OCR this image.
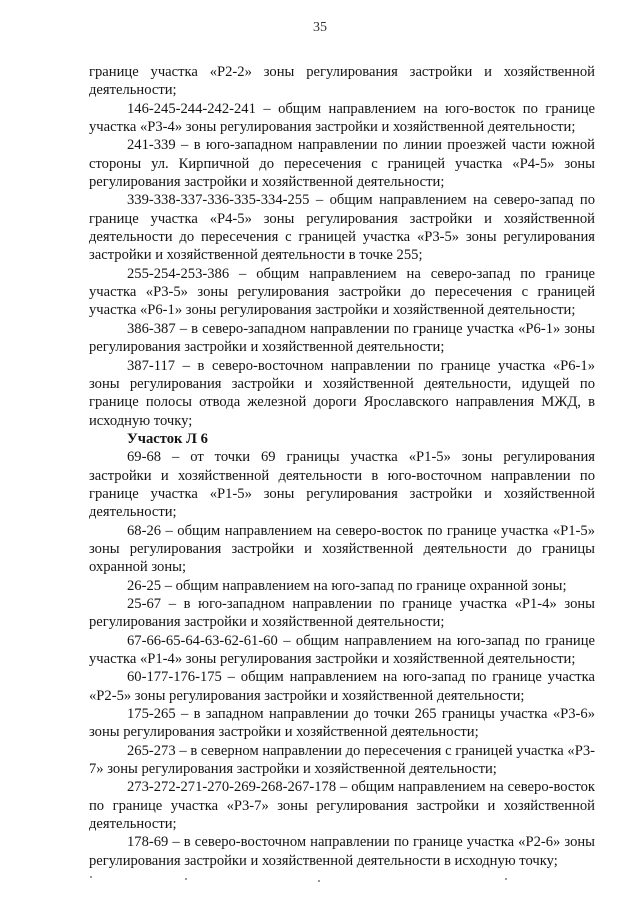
35

границе участка «Р2-2» зоны регулирования застройки и хозяйственной деятельности;

146-245-244-242-241 – общим направлением на юго-восток по границе участка «Р3-4» зоны регулирования застройки и хозяйственной деятельности;

241-339 – в юго-западном направлении по линии проезжей части южной стороны ул. Кирпичной до пересечения с границей участка «Р4-5» зоны регулирования застройки и хозяйственной деятельности;

339-338-337-336-335-334-255 – общим направлением на северо-запад по границе участка «Р4-5» зоны регулирования застройки и хозяйственной деятельности до пересечения с границей участка «Р3-5» зоны регулирования застройки и хозяйственной деятельности в точке 255;

255-254-253-386 – общим направлением на северо-запад по границе участка «Р3-5» зоны регулирования застройки до пересечения с границей участка «Р6-1» зоны регулирования застройки и хозяйственной деятельности;

386-387 – в северо-западном направлении по границе участка «Р6-1» зоны регулирования застройки и хозяйственной деятельности;

387-117 – в северо-восточном направлении по границе участка «Р6-1» зоны регулирования застройки и хозяйственной деятельности, идущей по границе полосы отвода железной дороги Ярославского направления МЖД, в исходную точку;

Участок Л 6

69-68 – от точки 69 границы участка «Р1-5» зоны регулирования застройки и хозяйственной деятельности в юго-восточном направлении по границе участка «Р1-5» зоны регулирования застройки и хозяйственной деятельности;

68-26 – общим направлением на северо-восток по границе участка «Р1-5» зоны регулирования застройки и хозяйственной деятельности до границы охранной зоны;

26-25 – общим направлением на юго-запад по границе охранной зоны;

25-67 – в юго-западном направлении по границе участка «Р1-4» зоны регулирования застройки и хозяйственной деятельности;

67-66-65-64-63-62-61-60 – общим направлением на юго-запад по границе участка «Р1-4» зоны регулирования застройки и хозяйственной деятельности;

60-177-176-175 – общим направлением на юго-запад по границе участка «Р2-5» зоны регулирования застройки и хозяйственной деятельности;

175-265 – в западном направлении до точки 265 границы участка «Р3-6» зоны регулирования застройки и хозяйственной деятельности;

265-273 – в северном направлении до пересечения с границей участка «Р3-7» зоны регулирования застройки и хозяйственной деятельности;

273-272-271-270-269-268-267-178 – общим направлением на северо-восток по границе участка «Р3-7» зоны регулирования застройки и хозяйственной деятельности;

178-69 – в северо-восточном направлении по границе участка «Р2-6» зоны регулирования застройки и хозяйственной деятельности в исходную точку;
